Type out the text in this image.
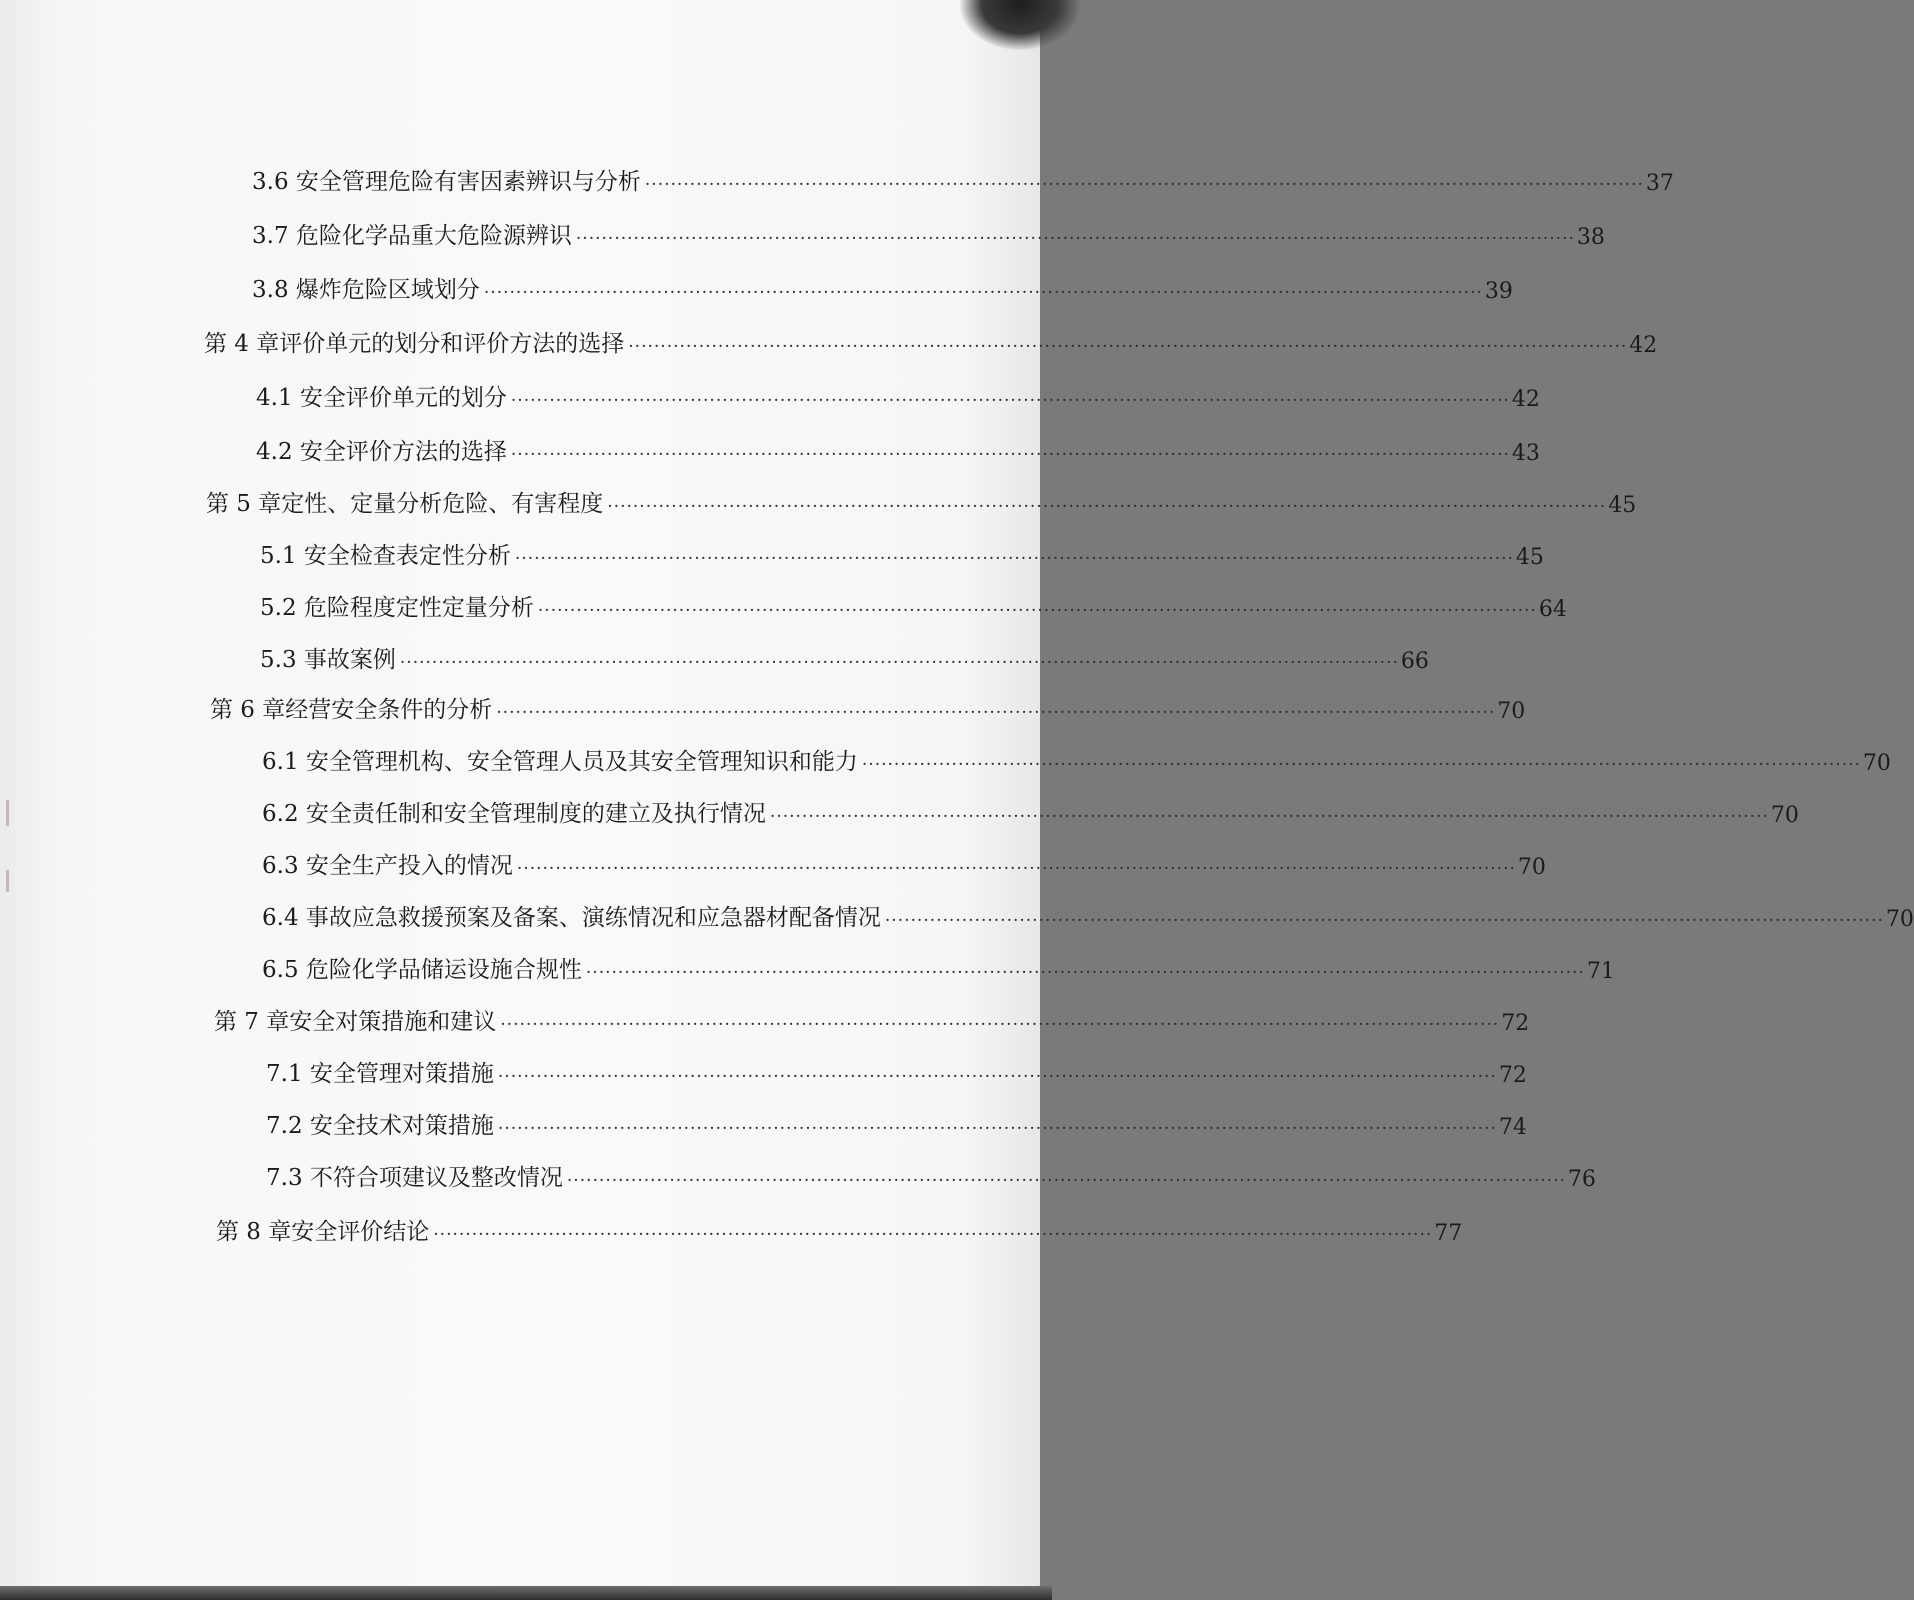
3.6 安全管理危险有害因素辨识与分析 ............................................................................................................................................................ 37
3.7 危险化学品重大危险源辨识 ............................................................................................................................................................ 38
3.8 爆炸危险区域划分 ............................................................................................................................................................ 39
第 4 章评价单元的划分和评价方法的选择 ............................................................................................................................................................ 42
4.1 安全评价单元的划分 ............................................................................................................................................................ 42
4.2 安全评价方法的选择 ............................................................................................................................................................ 43
第 5 章定性、定量分析危险、有害程度 ............................................................................................................................................................ 45
5.1 安全检查表定性分析 ............................................................................................................................................................ 45
5.2 危险程度定性定量分析 ............................................................................................................................................................ 64
5.3 事故案例 ............................................................................................................................................................ 66
第 6 章经营安全条件的分析 ............................................................................................................................................................ 70
6.1 安全管理机构、安全管理人员及其安全管理知识和能力 ............................................................................................................................................................ 70
6.2 安全责任制和安全管理制度的建立及执行情况 ............................................................................................................................................................ 70
6.3 安全生产投入的情况 ............................................................................................................................................................ 70
6.4 事故应急救援预案及备案、演练情况和应急器材配备情况 ............................................................................................................................................................ 70
6.5 危险化学品储运设施合规性 ............................................................................................................................................................ 71
第 7 章安全对策措施和建议 ............................................................................................................................................................ 72
7.1 安全管理对策措施 ............................................................................................................................................................ 72
7.2 安全技术对策措施 ............................................................................................................................................................ 74
7.3 不符合项建议及整改情况 ............................................................................................................................................................ 76
第 8 章安全评价结论 ............................................................................................................................................................ 77
